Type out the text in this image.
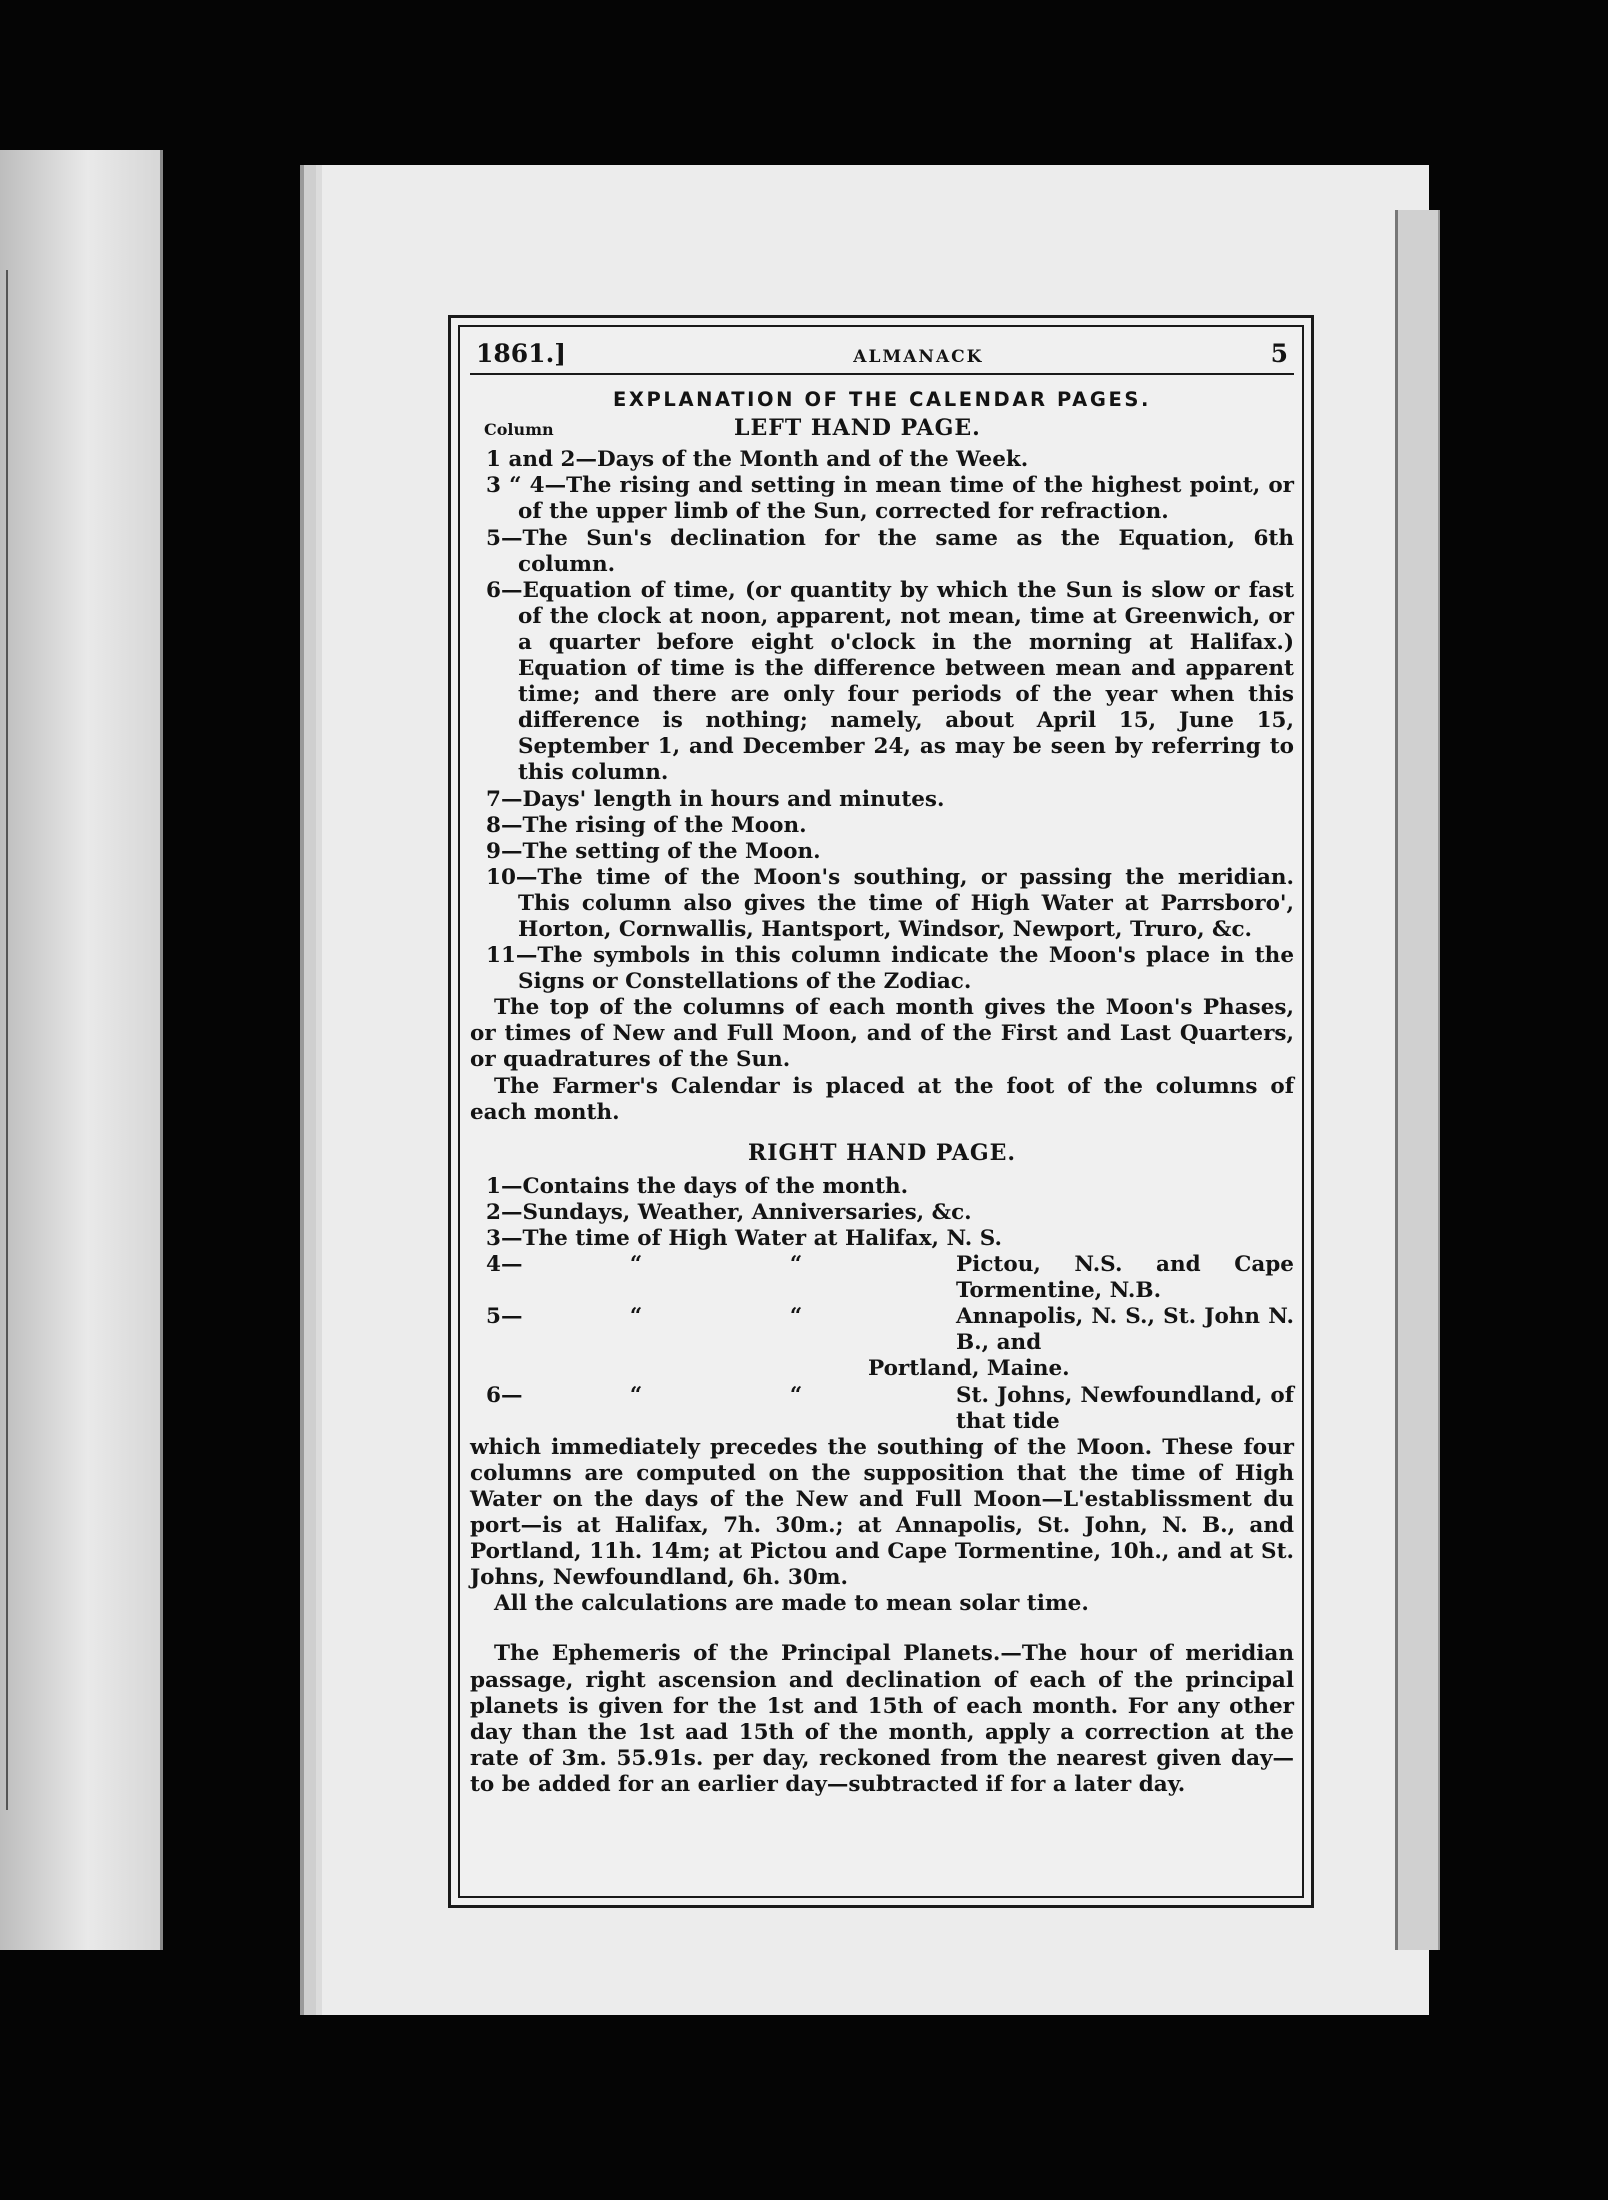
1861.]	ALMANACK	5
EXPLANATION OF THE CALENDAR PAGES.
Column	LEFT HAND PAGE.
1 and 2—Days of the Month and of the Week.
3 “ 4—The rising and setting in mean time of the highest point, or of the upper limb of the Sun, corrected for refraction.
5—The Sun's declination for the same as the Equation, 6th column.
6—Equation of time, (or quantity by which the Sun is slow or fast of the clock at noon, apparent, not mean, time at Greenwich, or a quarter before eight o'clock in the morning at Halifax.) Equation of time is the difference between mean and apparent time; and there are only four periods of the year when this difference is nothing; namely, about April 15, June 15, September 1, and December 24, as may be seen by referring to this column.
7—Days' length in hours and minutes.
8—The rising of the Moon.
9—The setting of the Moon.
10—The time of the Moon's southing, or passing the meridian. This column also gives the time of High Water at Parrsboro', Horton, Cornwallis, Hantsport, Windsor, Newport, Truro, &c.
11—The symbols in this column indicate the Moon's place in the Signs or Constellations of the Zodiac.
The top of the columns of each month gives the Moon's Phases, or times of New and Full Moon, and of the First and Last Quarters, or quadratures of the Sun.
The Farmer's Calendar is placed at the foot of the columns of each month.
RIGHT HAND PAGE.
1—Contains the days of the month.
2—Sundays, Weather, Anniversaries, &c.
3—The time of High Water at Halifax, N. S.
4—	“	“	Pictou, N.S. and Cape Tormentine, N.B.
5—	“	“	Annapolis, N. S., St. John N. B., and
Portland, Maine.
6—	“	“	St. Johns, Newfoundland, of that tide
which immediately precedes the southing of the Moon. These four columns are computed on the supposition that the time of High Water on the days of the New and Full Moon—L'establissment du port—is at Halifax, 7h. 30m.; at Annapolis, St. John, N. B., and Portland, 11h. 14m; at Pictou and Cape Tormentine, 10h., and at St. Johns, Newfoundland, 6h. 30m.
All the calculations are made to mean solar time.
The Ephemeris of the Principal Planets.—The hour of meridian passage, right ascension and declination of each of the principal planets is given for the 1st and 15th of each month. For any other day than the 1st aad 15th of the month, apply a correction at the rate of 3m. 55.91s. per day, reckoned from the nearest given day—to be added for an earlier day—subtracted if for a later day.
